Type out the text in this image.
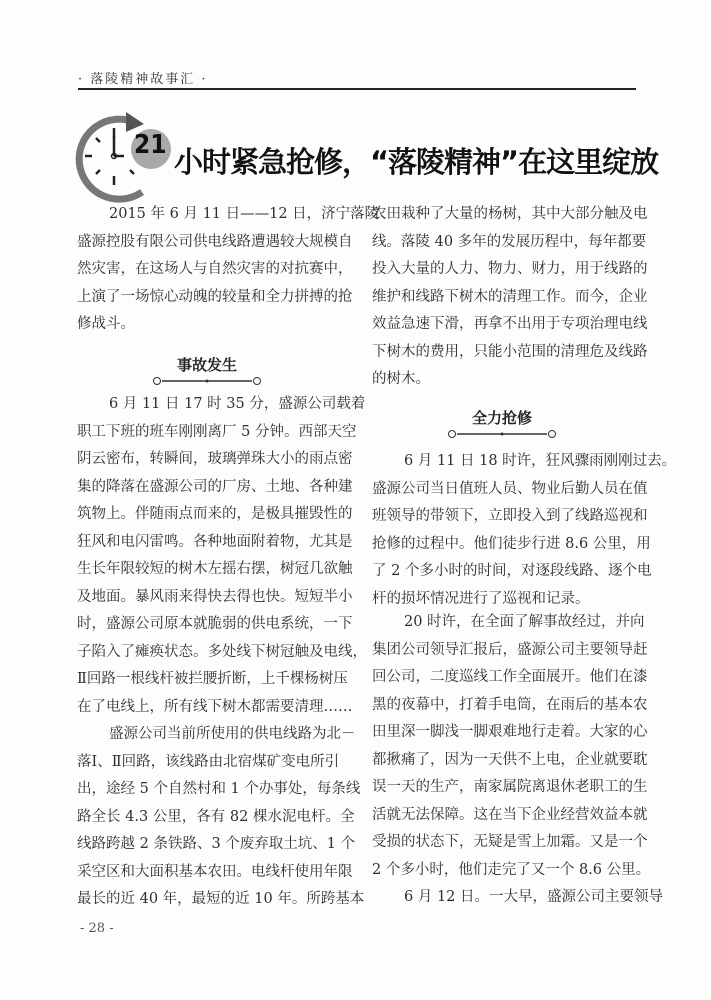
· 落陵精神故事汇 ·
21 小时紧急抢修，“落陵精神”在这里绽放
2015 年 6 月 11 日——12 日，济宁落陵
盛源控股有限公司供电线路遭遇较大规模自
然灾害，在这场人与自然灾害的对抗赛中，
上演了一场惊心动魄的较量和全力拼搏的抢
修战斗。
事故发生
6 月 11 日 17 时 35 分，盛源公司载着
职工下班的班车刚刚离厂 5 分钟。西部天空
阴云密布，转瞬间，玻璃弹珠大小的雨点密
集的降落在盛源公司的厂房、土地、各种建
筑物上。伴随雨点而来的，是极具摧毁性的
狂风和电闪雷鸣。各种地面附着物，尤其是
生长年限较短的树木左摇右摆，树冠几欲触
及地面。暴风雨来得快去得也快。短短半小
时，盛源公司原本就脆弱的供电系统，一下
子陷入了瘫痪状态。多处线下树冠触及电线，
Ⅱ回路一根线杆被拦腰折断，上千棵杨树压
在了电线上，所有线下树木都需要清理……
盛源公司当前所使用的供电线路为北－
落Ⅰ、Ⅱ回路，该线路由北宿煤矿变电所引
出，途经 5 个自然村和 1 个办事处，每条线
路全长 4.3 公里，各有 82 棵水泥电杆。全
线路跨越 2 条铁路、3 个废弃取土坑、1 个
采空区和大面积基本农田。电线杆使用年限
最长的近 40 年，最短的近 10 年。所跨基本
农田栽种了大量的杨树，其中大部分触及电
线。落陵 40 多年的发展历程中，每年都要
投入大量的人力、物力、财力，用于线路的
维护和线路下树木的清理工作。而今，企业
效益急速下滑，再拿不出用于专项治理电线
下树木的费用，只能小范围的清理危及线路
的树木。
全力抢修
6 月 11 日 18 时许，狂风骤雨刚刚过去。
盛源公司当日值班人员、物业后勤人员在值
班领导的带领下，立即投入到了线路巡视和
抢修的过程中。他们徒步行进 8.6 公里，用
了 2 个多小时的时间，对逐段线路、逐个电
杆的损坏情况进行了巡视和记录。
20 时许，在全面了解事故经过，并向
集团公司领导汇报后，盛源公司主要领导赶
回公司，二度巡线工作全面展开。他们在漆
黑的夜幕中，打着手电筒，在雨后的基本农
田里深一脚浅一脚艰难地行走着。大家的心
都揪痛了，因为一天供不上电，企业就要耽
误一天的生产，南家属院离退休老职工的生
活就无法保障。这在当下企业经营效益本就
受损的状态下，无疑是雪上加霜。又是一个
2 个多小时，他们走完了又一个 8.6 公里。
6 月 12 日。一大早，盛源公司主要领导
- 28 -
